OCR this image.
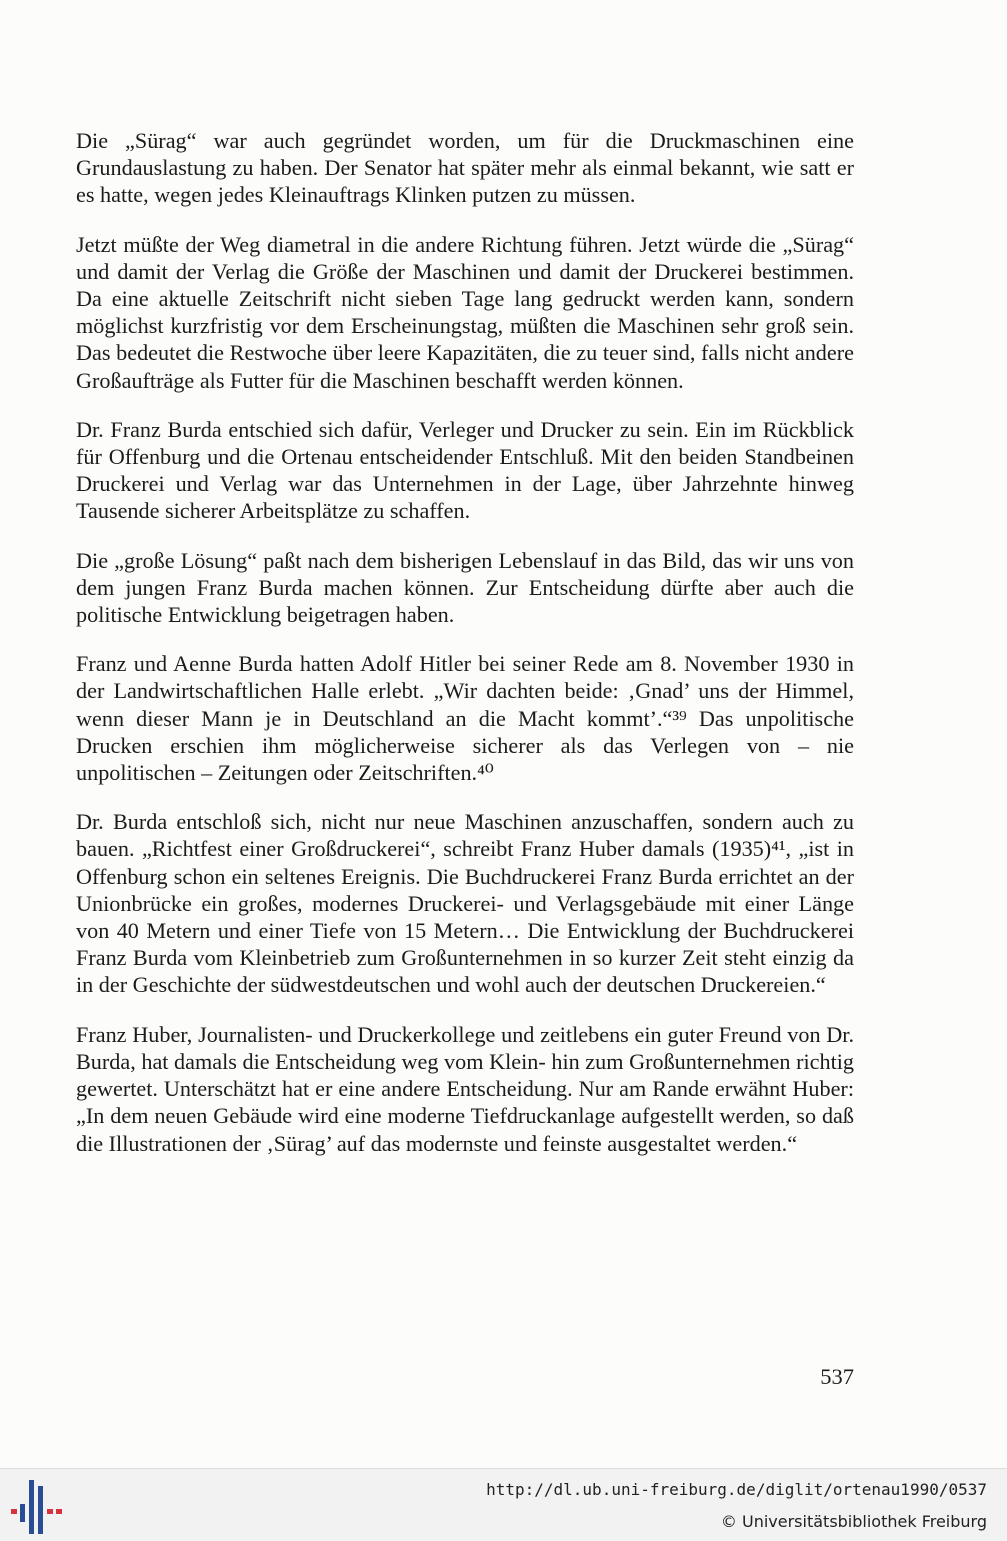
Die „Sürag“ war auch gegründet worden, um für die Druckmaschinen eine Grundauslastung zu haben. Der Senator hat später mehr als einmal bekannt, wie satt er es hatte, wegen jedes Kleinauftrags Klinken putzen zu müssen.

Jetzt müßte der Weg diametral in die andere Richtung führen. Jetzt würde die „Sürag“ und damit der Verlag die Größe der Maschinen und damit der Druckerei bestimmen. Da eine aktuelle Zeitschrift nicht sieben Tage lang gedruckt werden kann, sondern möglichst kurzfristig vor dem Erscheinungstag, müßten die Maschinen sehr groß sein. Das bedeutet die Restwoche über leere Kapazitäten, die zu teuer sind, falls nicht andere Großaufträge als Futter für die Maschinen beschafft werden können.

Dr. Franz Burda entschied sich dafür, Verleger und Drucker zu sein. Ein im Rückblick für Offenburg und die Ortenau entscheidender Entschluß. Mit den beiden Standbeinen Druckerei und Verlag war das Unternehmen in der Lage, über Jahrzehnte hinweg Tausende sicherer Arbeitsplätze zu schaffen.

Die „große Lösung“ paßt nach dem bisherigen Lebenslauf in das Bild, das wir uns von dem jungen Franz Burda machen können. Zur Entscheidung dürfte aber auch die politische Entwicklung beigetragen haben.

Franz und Aenne Burda hatten Adolf Hitler bei seiner Rede am 8. November 1930 in der Landwirtschaftlichen Halle erlebt. „Wir dachten beide: ‚Gnad’ uns der Himmel, wenn dieser Mann je in Deutschland an die Macht kommt’.“³⁹ Das unpolitische Drucken erschien ihm möglicherweise sicherer als das Verlegen von – nie unpolitischen – Zeitungen oder Zeitschriften.⁴⁰

Dr. Burda entschloß sich, nicht nur neue Maschinen anzuschaffen, sondern auch zu bauen. „Richtfest einer Großdruckerei“, schreibt Franz Huber damals (1935)⁴¹, „ist in Offenburg schon ein seltenes Ereignis. Die Buchdruckerei Franz Burda errichtet an der Unionbrücke ein großes, modernes Druckerei- und Verlagsgebäude mit einer Länge von 40 Metern und einer Tiefe von 15 Metern… Die Entwicklung der Buchdruckerei Franz Burda vom Kleinbetrieb zum Großunternehmen in so kurzer Zeit steht einzig da in der Geschichte der südwestdeutschen und wohl auch der deutschen Druckereien.“

Franz Huber, Journalisten- und Druckerkollege und zeitlebens ein guter Freund von Dr. Burda, hat damals die Entscheidung weg vom Klein- hin zum Großunternehmen richtig gewertet. Unterschätzt hat er eine andere Entscheidung. Nur am Rande erwähnt Huber: „In dem neuen Gebäude wird eine moderne Tiefdruckanlage aufgestellt werden, so daß die Illustrationen der ‚Sürag’ auf das modernste und feinste ausgestaltet werden.“

537
http://dl.ub.uni-freiburg.de/diglit/ortenau1990/0537
© Universitätsbibliothek Freiburg
